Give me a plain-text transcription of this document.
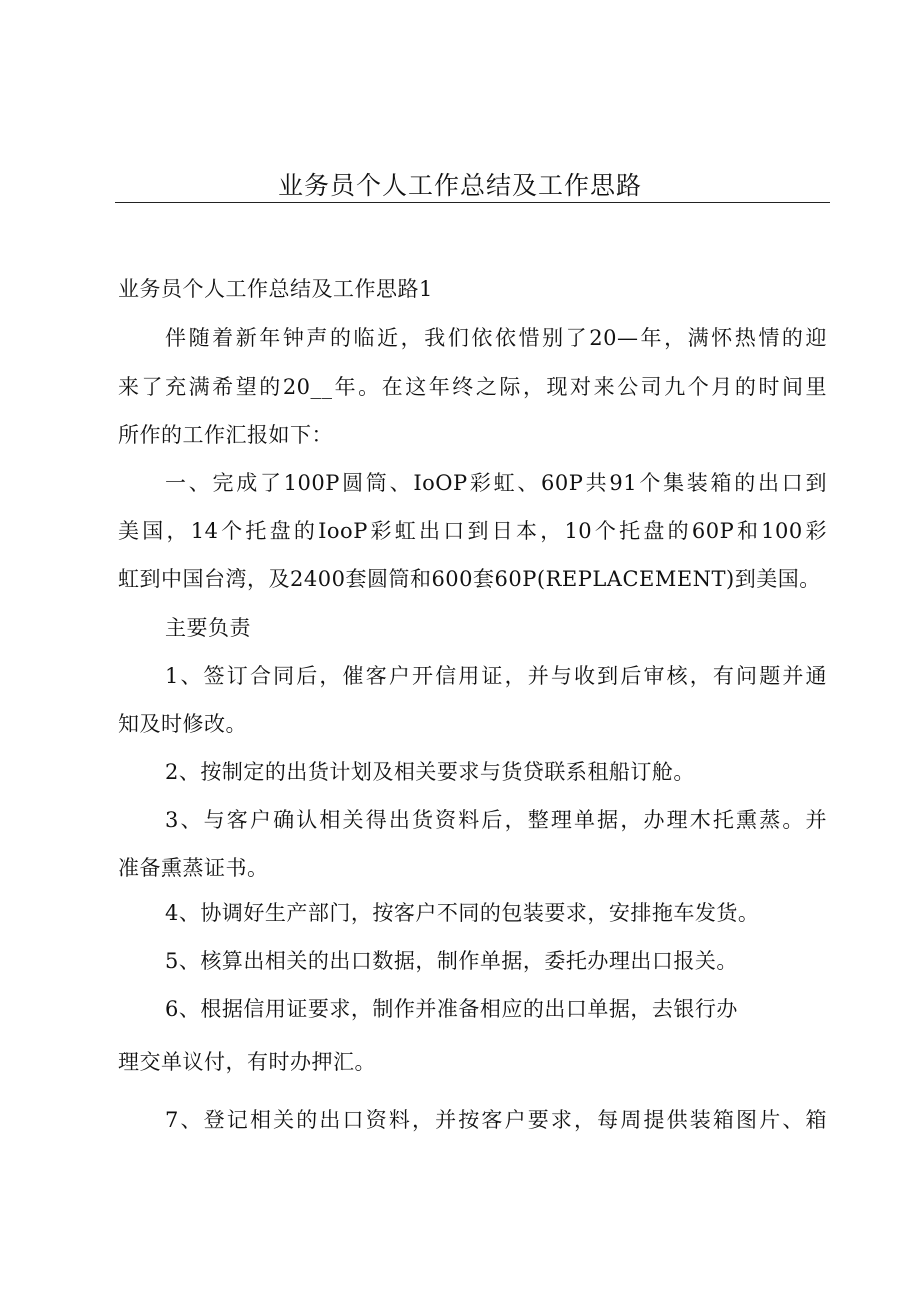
业务员个人工作总结及工作思路
业务员个人工作总结及工作思路1
伴随着新年钟声的临近，我们依依惜别了20—年，满怀热情的迎
来了充满希望的20__年。在这年终之际，现对来公司九个月的时间里
所作的工作汇报如下：
一、完成了100P圆筒、IoOP彩虹、60P共91个集装箱的出口到
美国，14个托盘的IooP彩虹出口到日本，10个托盘的60P和100彩
虹到中国台湾，及2400套圆筒和600套60P(REPLACEMENT)到美国。
主要负责
1、签订合同后，催客户开信用证，并与收到后审核，有问题并通
知及时修改。
2、按制定的出货计划及相关要求与货贷联系租船订舱。
3、与客户确认相关得出货资料后，整理单据，办理木托熏蒸。并
准备熏蒸证书。
4、协调好生产部门，按客户不同的包装要求，安排拖车发货。
5、核算出相关的出口数据，制作单据，委托办理出口报关。
6、根据信用证要求，制作并准备相应的出口单据，去银行办
理交单议付，有时办押汇。
7、登记相关的出口资料，并按客户要求，每周提供装箱图片、箱
